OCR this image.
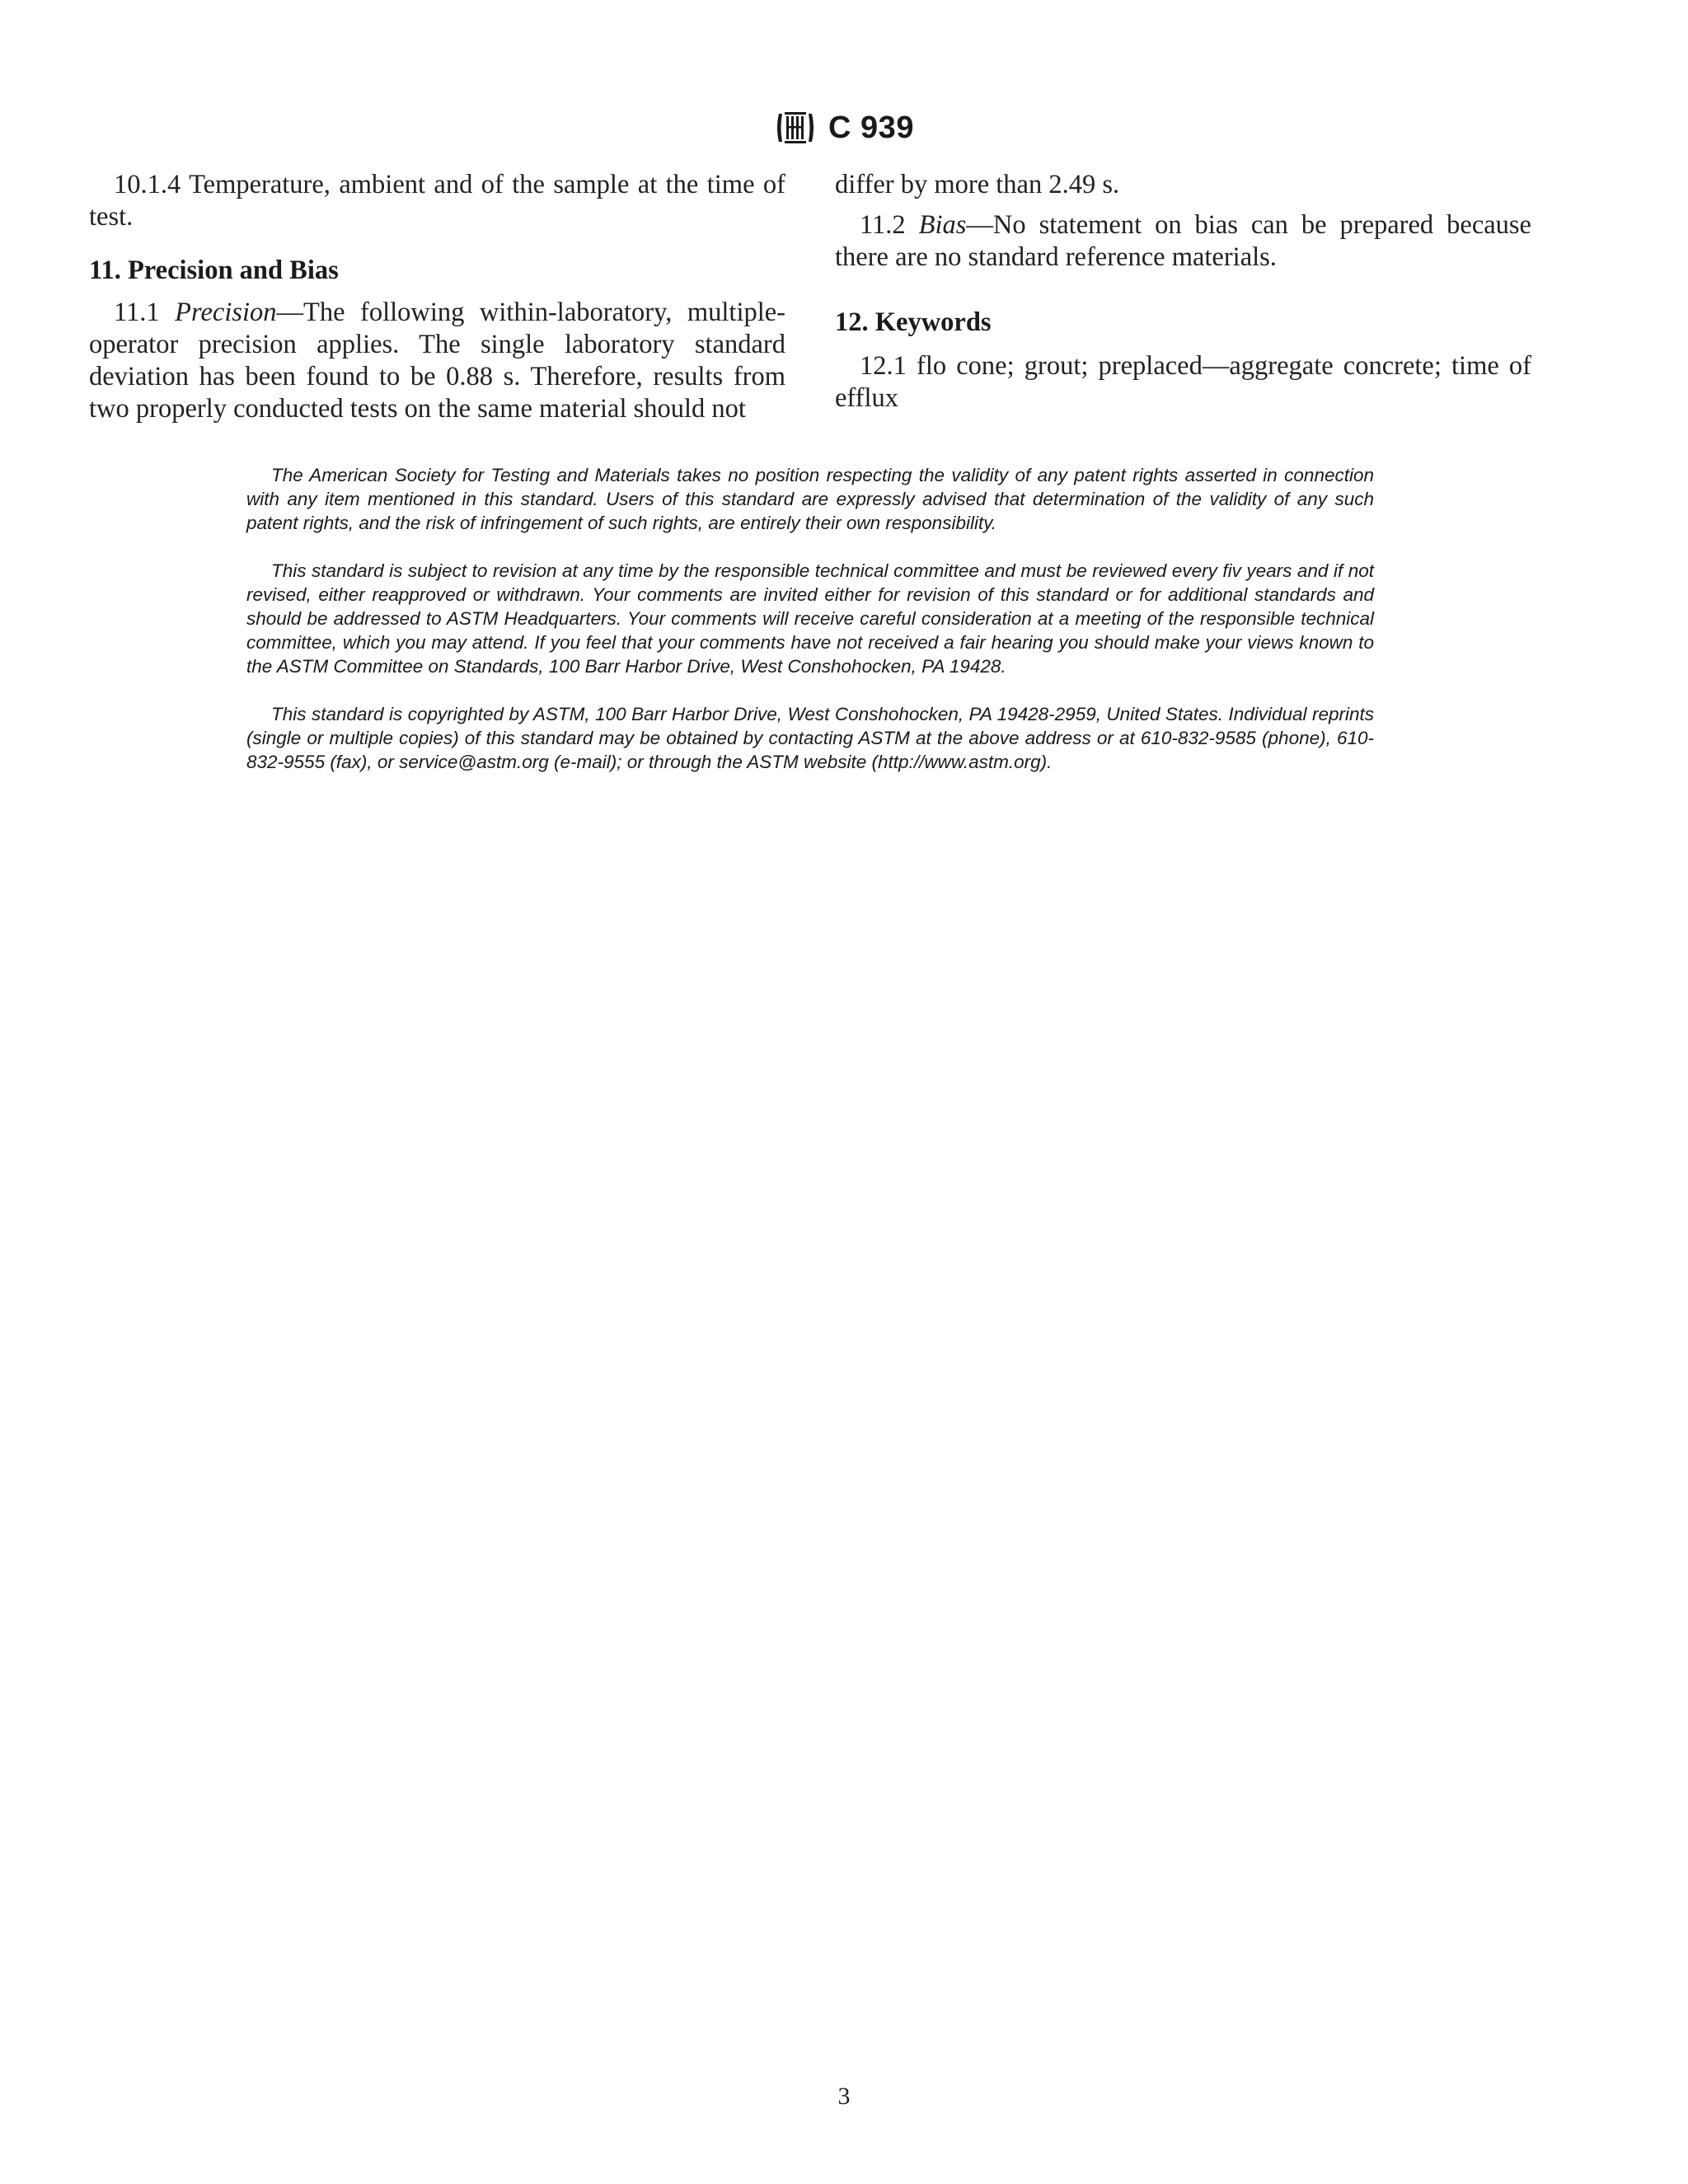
C 939

10.1.4 Temperature, ambient and of the sample at the time of test.

11. Precision and Bias

11.1 Precision—The following within-laboratory, multiple-operator precision applies. The single laboratory standard deviation has been found to be 0.88 s. Therefore, results from two properly conducted tests on the same material should not

differ by more than 2.49 s.

11.2 Bias—No statement on bias can be prepared because there are no standard reference materials.

12. Keywords

12.1 flo cone; grout; preplaced—aggregate concrete; time of efflux

The American Society for Testing and Materials takes no position respecting the validity of any patent rights asserted in connection with any item mentioned in this standard. Users of this standard are expressly advised that determination of the validity of any such patent rights, and the risk of infringement of such rights, are entirely their own responsibility.

This standard is subject to revision at any time by the responsible technical committee and must be reviewed every fiv years and if not revised, either reapproved or withdrawn. Your comments are invited either for revision of this standard or for additional standards and should be addressed to ASTM Headquarters. Your comments will receive careful consideration at a meeting of the responsible technical committee, which you may attend. If you feel that your comments have not received a fair hearing you should make your views known to the ASTM Committee on Standards, 100 Barr Harbor Drive, West Conshohocken, PA 19428.

This standard is copyrighted by ASTM, 100 Barr Harbor Drive, West Conshohocken, PA 19428-2959, United States. Individual reprints (single or multiple copies) of this standard may be obtained by contacting ASTM at the above address or at 610-832-9585 (phone), 610-832-9555 (fax), or service@astm.org (e-mail); or through the ASTM website (http://www.astm.org).

3
